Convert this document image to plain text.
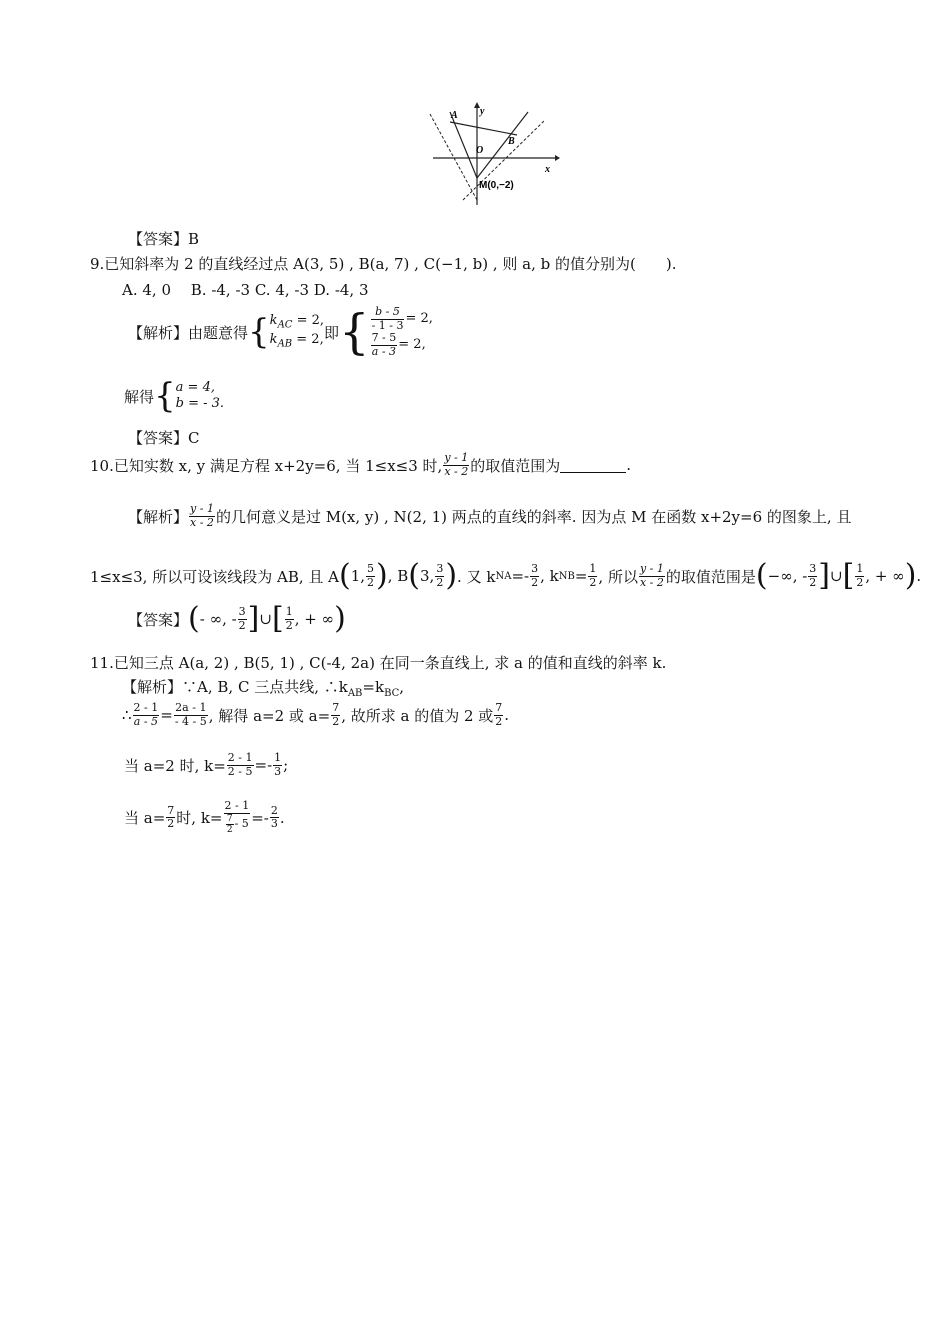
y
x
O
A
B
M(0,−2)
【答案】B
9.已知斜率为 2 的直线经过点 A(3, 5) , B(a, 7) , C(−1, b) , 则 a, b 的值分别为(　　).
A. 4, 0　 B. -4, -3 C. 4, -3 D. -4, 3
【解析】 由题意得 { $k_{AC} = 2$,
$k_{AB} = 2$, 即 { $\frac{b - 5}{- 1 - 3} = 2$,
$\frac{7 - 5}{a - 3} = 2$,
解得 { a = 4,
b = - 3.
【答案】C
10.已知实数 x, y 满足方程 x+2y=6, 当 1≤x≤3 时, $\frac{y - 1}{x - 2}$ 的取值范围为	.
【解析】 $\frac{y - 1}{x - 2}$ 的几何意义是过 M(x, y) , N(2, 1) 两点的直线的斜率. 因为点 M 在函数 x+2y=6 的图象上, 且
1≤x≤3, 所以可设该线段为 AB, 且 A ( 1, $\frac{5}{2}$ ) , B ( 3, $\frac{3}{2}$ ) . 又 k NA =- $\frac{3}{2}$ , k NB = $\frac{1}{2}$ , 所以 $\frac{y - 1}{x - 2}$ 的取值范围是 ( −∞, - $\frac{3}{2}$ ] ∪ [ $\frac{1}{2}$ , + ∞ ) .
【答案】 ( - ∞, - $\frac{3}{2}$ ] ∪ [ $\frac{1}{2}$ , + ∞ )
11.已知三点 A(a, 2) , B(5, 1) , C(-4, 2a) 在同一条直线上, 求 a 的值和直线的斜率 k.
【解析】∵A, B, C 三点共线, $\therefore k_{AB}=k_{BC}$,
∴ $\frac{2 - 1}{a - 5} = \frac{2a - 1}{- 4 - 5}$ , 解得 a=2 或 $a= \frac{7}{2}$ , 故所求 a 的值为 2 或 $\frac{7}{2}$ .
当 a=2 时, $k= \frac{2 - 1}{2 - 5} =- \frac{1}{3}$ ;
当 $a= \frac{7}{2}$ 时, $k= \frac{2 - 1}{\frac{7}{2} - 5} =- \frac{2}{3}$ .
